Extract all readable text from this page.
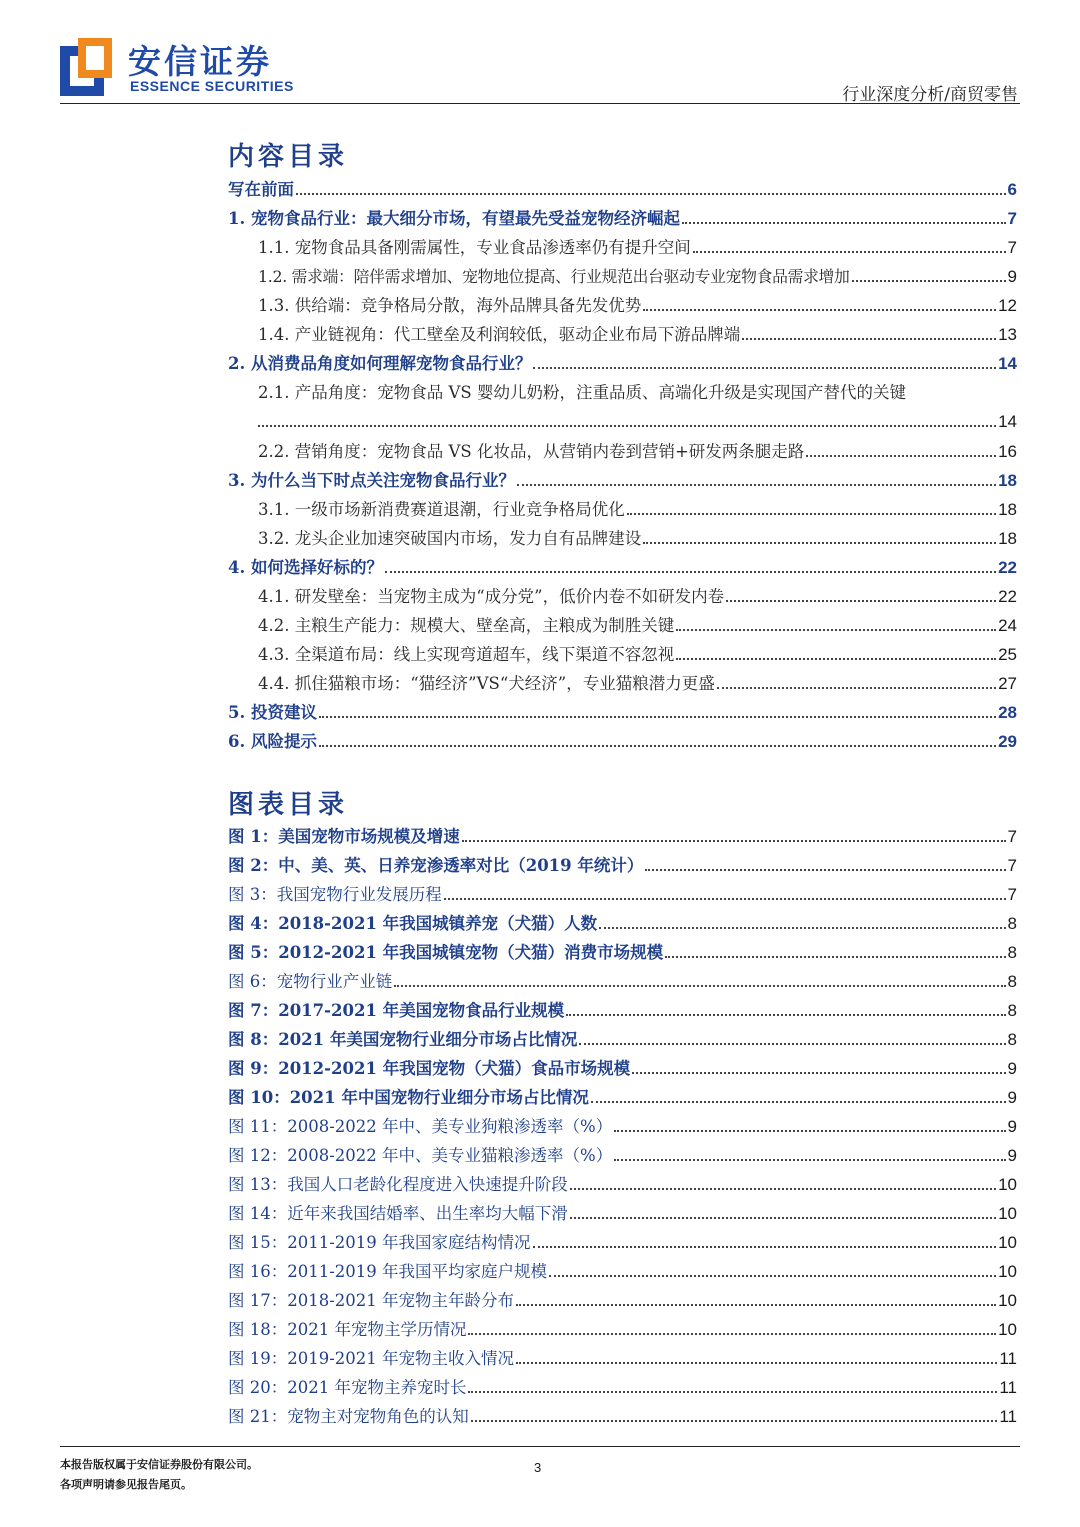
安信证券
ESSENCE SECURITIES	行业深度分析/商贸零售
内容目录
写在前面	6
1. 宠物食品行业：最大细分市场，有望最先受益宠物经济崛起	7
1.1. 宠物食品具备刚需属性，专业食品渗透率仍有提升空间	7
1.2. 需求端：陪伴需求增加、宠物地位提高、行业规范出台驱动专业宠物食品需求增加	9
1.3. 供给端：竞争格局分散，海外品牌具备先发优势	12
1.4. 产业链视角：代工壁垒及利润较低，驱动企业布局下游品牌端	13
2. 从消费品角度如何理解宠物食品行业？	14
2.1. 产品角度：宠物食品 VS 婴幼儿奶粉，注重品质、高端化升级是实现国产替代的关键
14
2.2. 营销角度：宠物食品 VS 化妆品，从营销内卷到营销+研发两条腿走路	16
3. 为什么当下时点关注宠物食品行业？	18
3.1. 一级市场新消费赛道退潮，行业竞争格局优化	18
3.2. 龙头企业加速突破国内市场，发力自有品牌建设	18
4. 如何选择好标的？	22
4.1. 研发壁垒：当宠物主成为“成分党”，低价内卷不如研发内卷	22
4.2. 主粮生产能力：规模大、壁垒高，主粮成为制胜关键	24
4.3. 全渠道布局：线上实现弯道超车，线下渠道不容忽视	25
4.4. 抓住猫粮市场：“猫经济”VS“犬经济”，专业猫粮潜力更盛	27
5. 投资建议	28
6. 风险提示	29
图表目录
图 1：美国宠物市场规模及增速	7
图 2：中、美、英、日养宠渗透率对比（2019 年统计）	7
图 3：我国宠物行业发展历程	7
图 4：2018-2021 年我国城镇养宠（犬猫）人数	8
图 5：2012-2021 年我国城镇宠物（犬猫）消费市场规模	8
图 6：宠物行业产业链	8
图 7：2017-2021 年美国宠物食品行业规模	8
图 8：2021 年美国宠物行业细分市场占比情况	8
图 9：2012-2021 年我国宠物（犬猫）食品市场规模	9
图 10：2021 年中国宠物行业细分市场占比情况	9
图 11：2008-2022 年中、美专业狗粮渗透率（%）	9
图 12：2008-2022 年中、美专业猫粮渗透率（%）	9
图 13：我国人口老龄化程度进入快速提升阶段	10
图 14：近年来我国结婚率、出生率均大幅下滑	10
图 15：2011-2019 年我国家庭结构情况	10
图 16：2011-2019 年我国平均家庭户规模	10
图 17：2018-2021 年宠物主年龄分布	10
图 18：2021 年宠物主学历情况	10
图 19：2019-2021 年宠物主收入情况	11
图 20：2021 年宠物主养宠时长	11
图 21：宠物主对宠物角色的认知	11
本报告版权属于安信证券股份有限公司。
各项声明请参见报告尾页。
3
